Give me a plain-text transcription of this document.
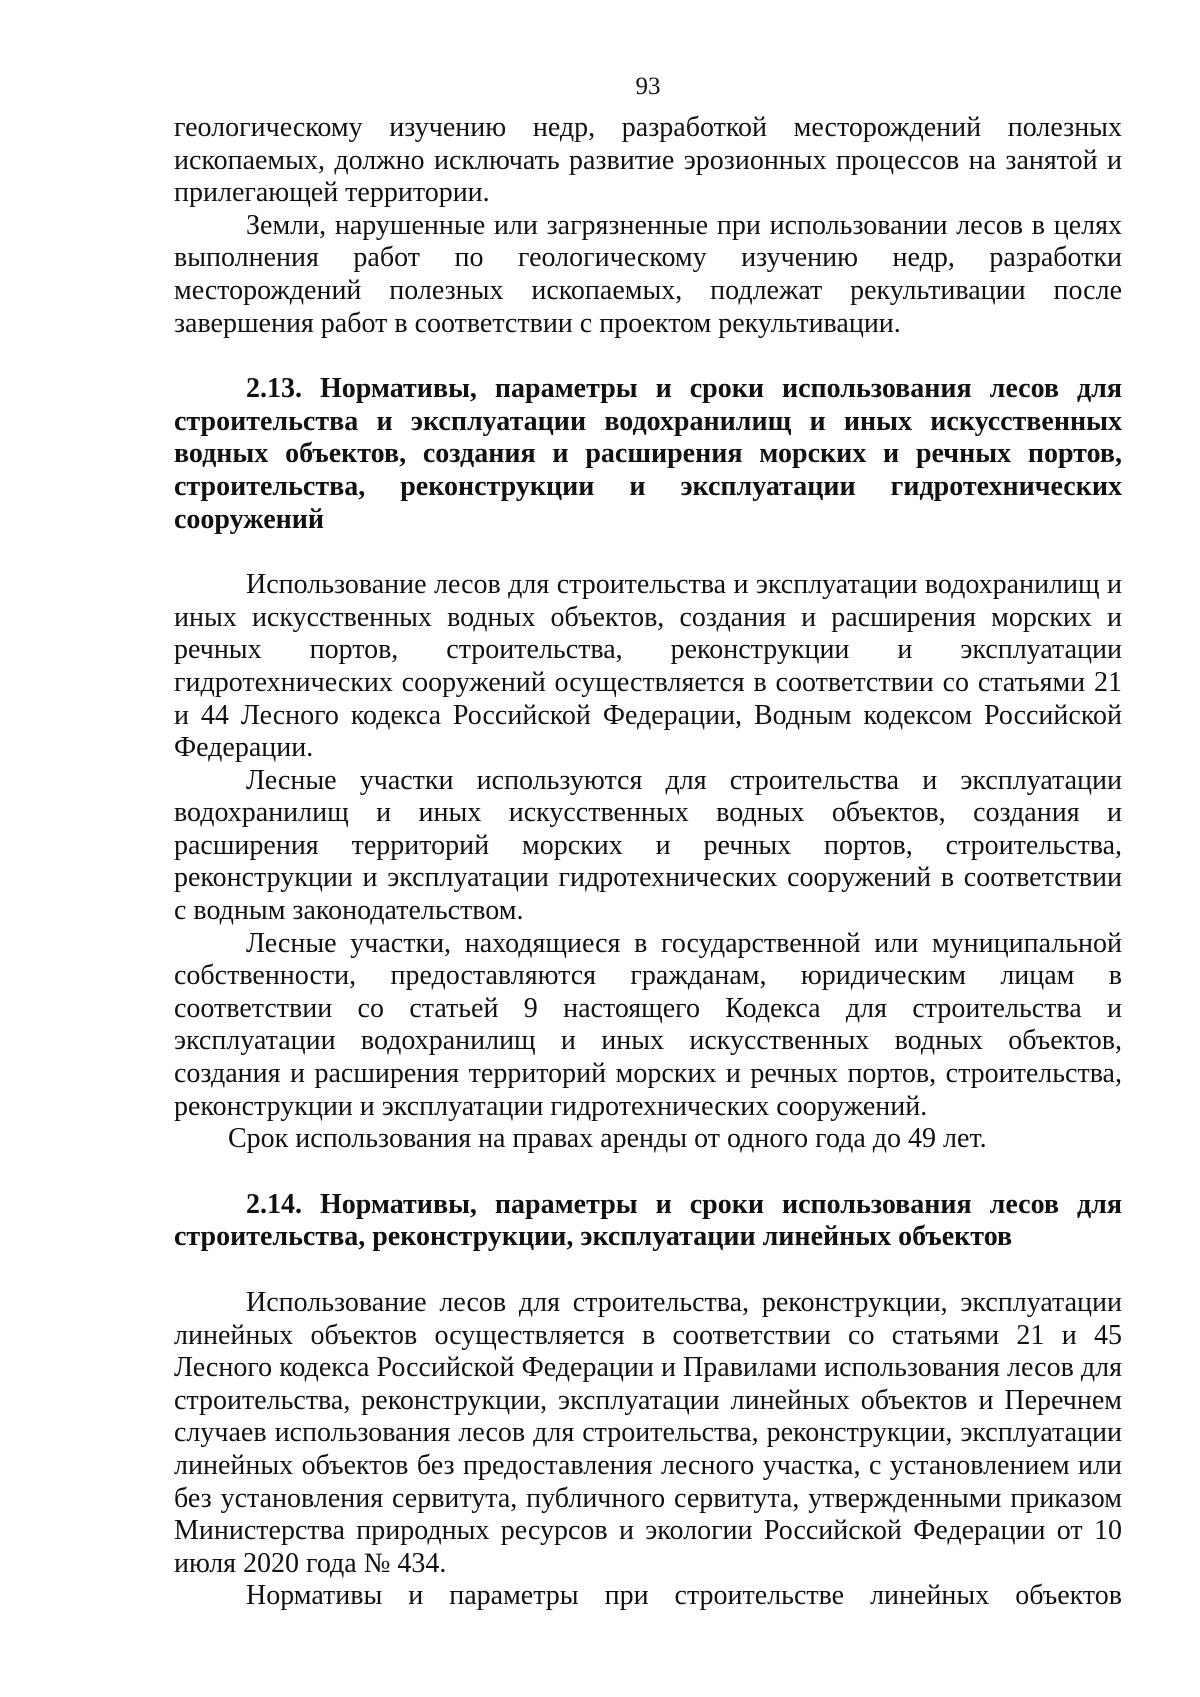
93

геологическому изучению недр, разработкой месторождений полезных ископаемых, должно исключать развитие эрозионных процессов на занятой и прилегающей территории.

Земли, нарушенные или загрязненные при использовании лесов в целях выполнения работ по геологическому изучению недр, разработки месторождений полезных ископаемых, подлежат рекультивации после завершения работ в соответствии с проектом рекультивации.

2.13. Нормативы, параметры и сроки использования лесов для строительства и эксплуатации водохранилищ и иных искусственных водных объектов, создания и расширения морских и речных портов, строительства, реконструкции и эксплуатации гидротехнических сооружений

Использование лесов для строительства и эксплуатации водохранилищ и иных искусственных водных объектов, создания и расширения морских и речных портов, строительства, реконструкции и эксплуатации гидротехнических сооружений осуществляется в соответствии со статьями 21 и 44 Лесного кодекса Российской Федерации, Водным кодексом Российской Федерации.

Лесные участки используются для строительства и эксплуатации водохранилищ и иных искусственных водных объектов, создания и расширения территорий морских и речных портов, строительства, реконструкции и эксплуатации гидротехнических сооружений в соответствии с водным законодательством.

Лесные участки, находящиеся в государственной или муниципальной собственности, предоставляются гражданам, юридическим лицам в соответствии со статьей 9 настоящего Кодекса для строительства и эксплуатации водохранилищ и иных искусственных водных объектов, создания и расширения территорий морских и речных портов, строительства, реконструкции и эксплуатации гидротехнических сооружений.

Срок использования на правах аренды от одного года до 49 лет.

2.14. Нормативы, параметры и сроки использования лесов для строительства, реконструкции, эксплуатации линейных объектов

Использование лесов для строительства, реконструкции, эксплуатации линейных объектов осуществляется в соответствии со статьями 21 и 45 Лесного кодекса Российской Федерации и Правилами использования лесов для строительства, реконструкции, эксплуатации линейных объектов и Перечнем случаев использования лесов для строительства, реконструкции, эксплуатации линейных объектов без предоставления лесного участка, с установлением или без установления сервитута, публичного сервитута, утвержденными приказом Министерства природных ресурсов и экологии Российской Федерации от 10 июля 2020 года № 434.

Нормативы и параметры при строительстве линейных объектов
